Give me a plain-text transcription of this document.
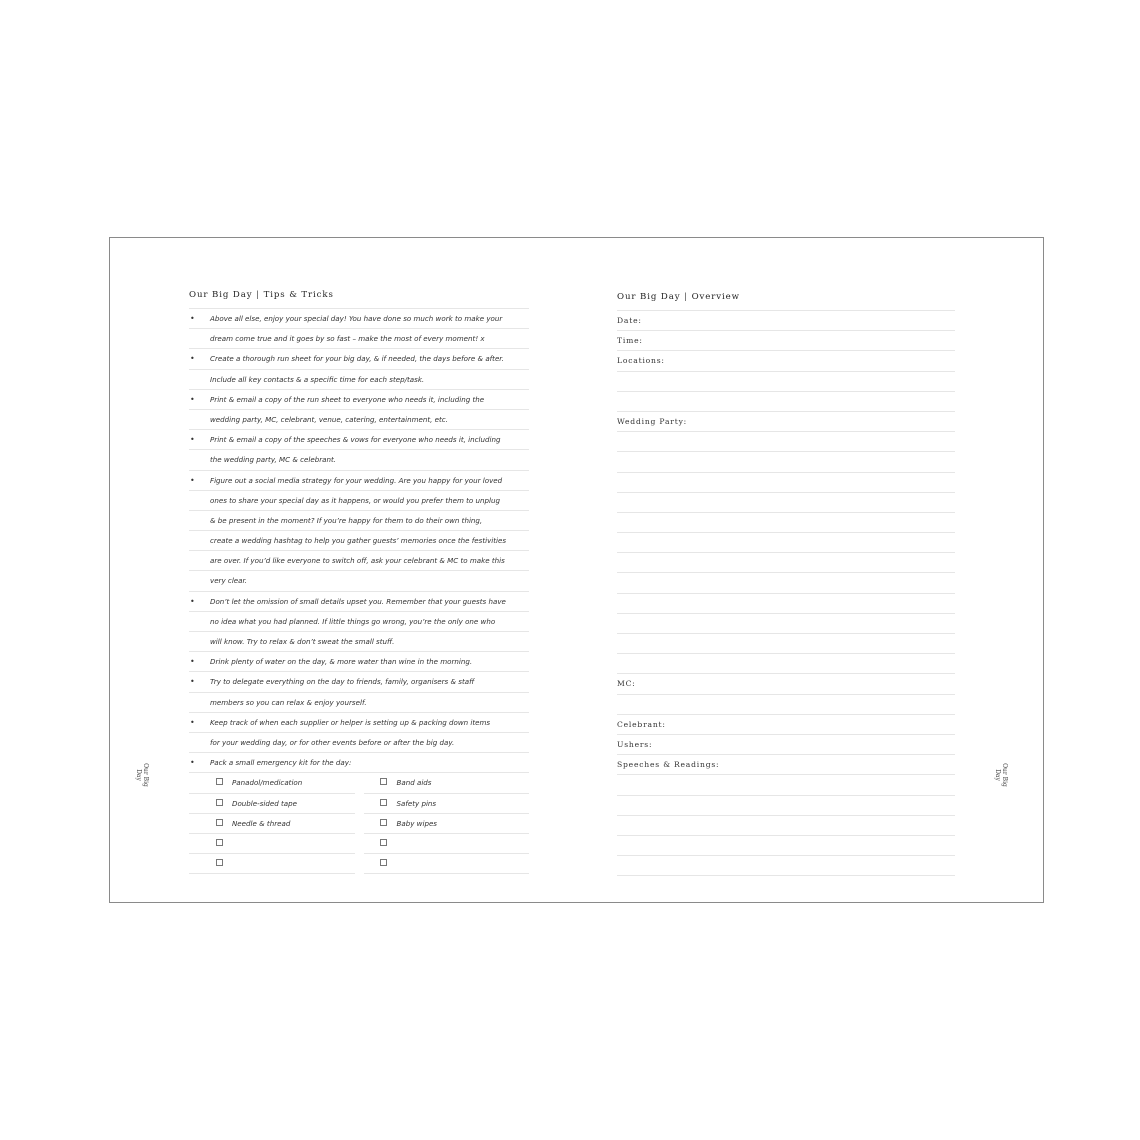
Our Big Day
Our Big Day | Tips & Tricks
• Above all else, enjoy your special day! You have done so much work to make your
dream come true and it goes by so fast – make the most of every moment! x
• Create a thorough run sheet for your big day, & if needed, the days before & after.
Include all key contacts & a specific time for each step/task.
• Print & email a copy of the run sheet to everyone who needs it, including the
wedding party, MC, celebrant, venue, catering, entertainment, etc.
• Print & email a copy of the speeches & vows for everyone who needs it, including
the wedding party, MC & celebrant.
• Figure out a social media strategy for your wedding. Are you happy for your loved
ones to share your special day as it happens, or would you prefer them to unplug
& be present in the moment? If you’re happy for them to do their own thing,
create a wedding hashtag to help you gather guests’ memories once the festivities
are over. If you’d like everyone to switch off, ask your celebrant & MC to make this
very clear.
• Don’t let the omission of small details upset you. Remember that your guests have
no idea what you had planned. If little things go wrong, you’re the only one who
will know. Try to relax & don’t sweat the small stuff.
• Drink plenty of water on the day, & more water than wine in the morning.
• Try to delegate everything on the day to friends, family, organisers & staff
members so you can relax & enjoy yourself.
• Keep track of when each supplier or helper is setting up & packing down items
for your wedding day, or for other events before or after the big day.
• Pack a small emergency kit for the day:
Panadol/medication
Double-sided tape
Needle & thread
Band aids
Safety pins
Baby wipes
Our Big Day | Overview
Date:
Time:
Locations:
Wedding Party:
MC:
Celebrant:
Ushers:
Speeches & Readings:	Our Big Day
